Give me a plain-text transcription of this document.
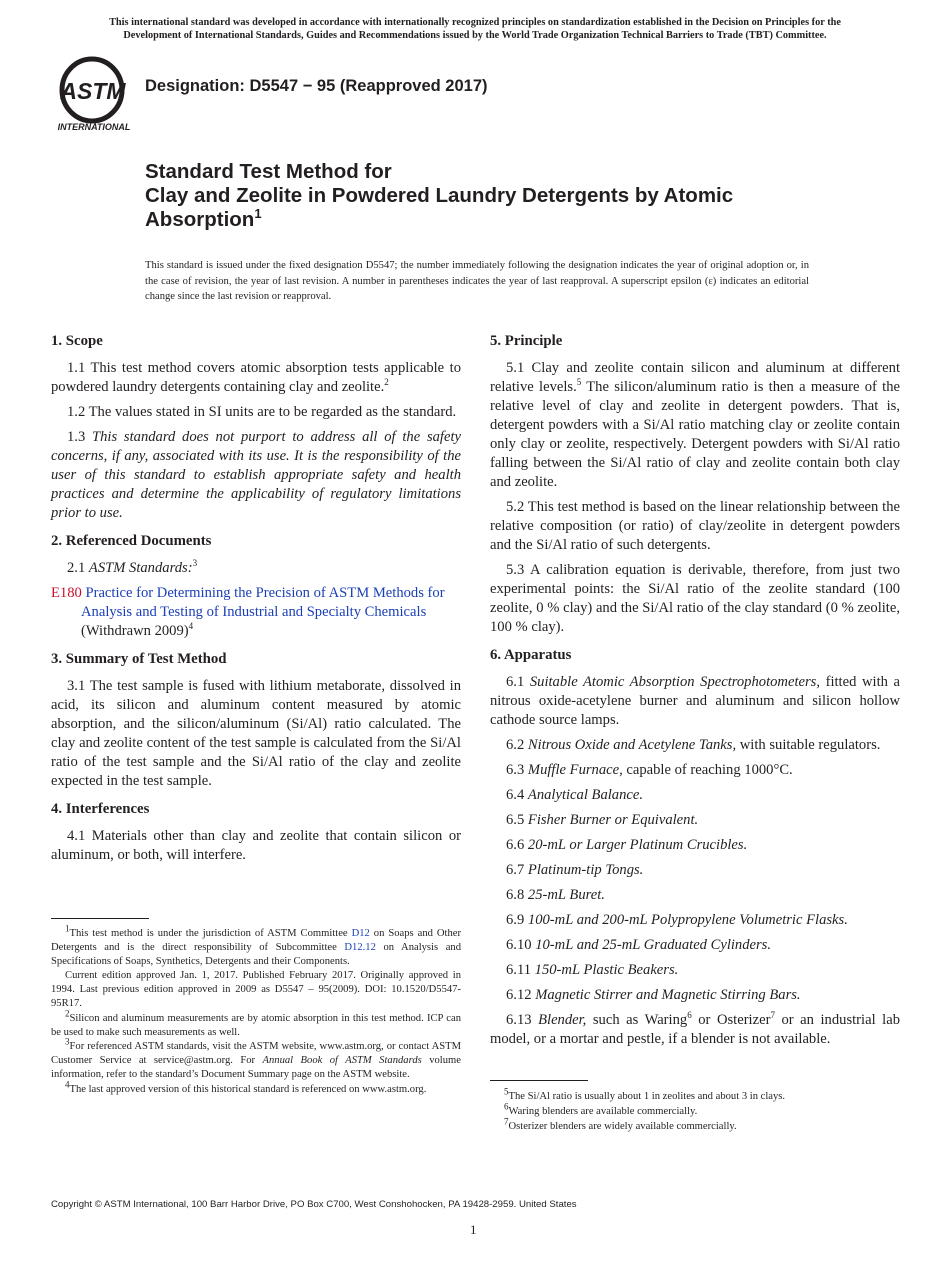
This international standard was developed in accordance with internationally recognized principles on standardization established in the Decision on Principles for the
Development of International Standards, Guides and Recommendations issued by the World Trade Organization Technical Barriers to Trade (TBT) Committee.
ASTM
INTERNATIONAL
Designation: D5547 − 95 (Reapproved 2017)
Standard Test Method for
Clay and Zeolite in Powdered Laundry Detergents by Atomic
Absorption$^1$
This standard is issued under the fixed designation D5547; the number immediately following the designation indicates the year of original adoption or, in the case of revision, the year of last revision. A number in parentheses indicates the year of last reapproval. A superscript epsilon (ε) indicates an editorial change since the last revision or reapproval.
1. Scope

1.1 This test method covers atomic absorption tests applicable to powdered laundry detergents containing clay and zeolite.$^2$

1.2 The values stated in SI units are to be regarded as the standard.

1.3 This standard does not purport to address all of the safety concerns, if any, associated with its use. It is the responsibility of the user of this standard to establish appropriate safety and health practices and determine the applicability of regulatory limitations prior to use.

2. Referenced Documents

2.1 ASTM Standards:$^3$

E180 Practice for Determining the Precision of ASTM Methods for Analysis and Testing of Industrial and Specialty Chemicals (Withdrawn 2009)$^4$

3. Summary of Test Method

3.1 The test sample is fused with lithium metaborate, dissolved in acid, its silicon and aluminum content measured by atomic absorption, and the silicon/aluminum (Si/Al) ratio calculated. The clay and zeolite content of the test sample is calculated from the Si/Al ratio of the test sample and the Si/Al ratio of the clay and zeolite expected in the test sample.

4. Interferences

4.1 Materials other than clay and zeolite that contain silicon or aluminum, or both, will interfere.

5. Principle

5.1 Clay and zeolite contain silicon and aluminum at different relative levels.$^5$ The silicon/aluminum ratio is then a measure of the relative level of clay and zeolite in detergent powders. That is, detergent powders with a Si/Al ratio matching clay or zeolite contain only clay or zeolite, respectively. Detergent powders with Si/Al ratio falling between the Si/Al ratio of clay and zeolite contain both clay and zeolite.

5.2 This test method is based on the linear relationship between the relative composition (or ratio) of clay/zeolite in detergent powders and the Si/Al ratio of such detergents.

5.3 A calibration equation is derivable, therefore, from just two experimental points: the Si/Al ratio of the zeolite standard (100 zeolite, 0 % clay) and the Si/Al ratio of the clay standard (0 % zeolite, 100 % clay).

6. Apparatus

6.1 Suitable Atomic Absorption Spectrophotometers, fitted with a nitrous oxide-acetylene burner and aluminum and silicon hollow cathode source lamps.

6.2 Nitrous Oxide and Acetylene Tanks, with suitable regulators.

6.3 Muffle Furnace, capable of reaching 1000°C.

6.4 Analytical Balance.

6.5 Fisher Burner or Equivalent.

6.6 20-mL or Larger Platinum Crucibles.

6.7 Platinum-tip Tongs.

6.8 25-mL Buret.

6.9 100-mL and 200-mL Polypropylene Volumetric Flasks.

6.10 10-mL and 25-mL Graduated Cylinders.

6.11 150-mL Plastic Beakers.

6.12 Magnetic Stirrer and Magnetic Stirring Bars.

6.13 Blender, such as Waring$^6$ or Osterizer$^7$ or an industrial lab model, or a mortar and pestle, if a blender is not available.

$^1$This test method is under the jurisdiction of ASTM Committee D12 on Soaps and Other Detergents and is the direct responsibility of Subcommittee D12.12 on Analysis and Specifications of Soaps, Synthetics, Detergents and their Components.

Current edition approved Jan. 1, 2017. Published February 2017. Originally approved in 1994. Last previous edition approved in 2009 as D5547 – 95(2009). DOI: 10.1520/D5547-95R17.

$^2$Silicon and aluminum measurements are by atomic absorption in this test method. ICP can be used to make such measurements as well.

$^3$For referenced ASTM standards, visit the ASTM website, www.astm.org, or contact ASTM Customer Service at service@astm.org. For Annual Book of ASTM Standards volume information, refer to the standard’s Document Summary page on the ASTM website.

$^4$The last approved version of this historical standard is referenced on www.astm.org.	$^5$The Si/Al ratio is usually about 1 in zeolites and about 3 in clays.

$^6$Waring blenders are available commercially.

$^7$Osterizer blenders are widely available commercially.

Copyright © ASTM International, 100 Barr Harbor Drive, PO Box C700, West Conshohocken, PA 19428-2959. United States
1
